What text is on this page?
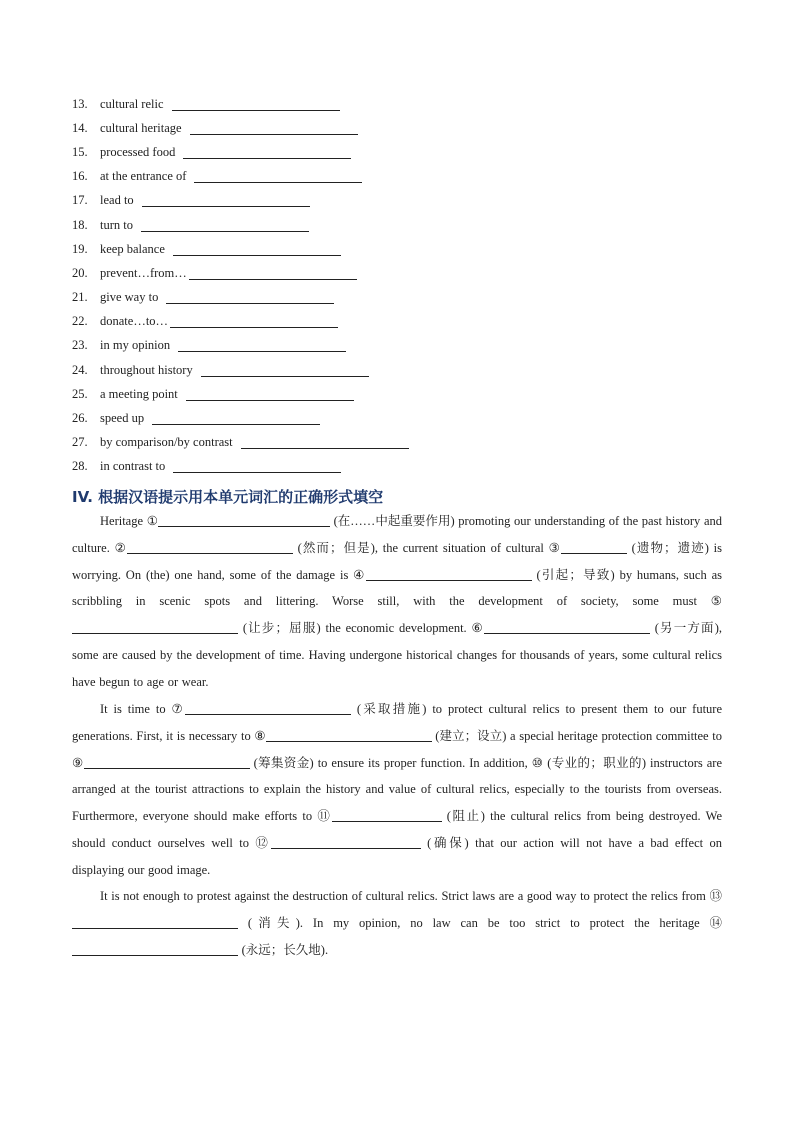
13. cultural relic
14. cultural heritage
15. processed food
16. at the entrance of
17. lead to
18. turn to
19. keep balance
20. prevent…from…
21. give way to
22. donate…to…
23. in my opinion
24. throughout history
25. a meeting point
26. speed up
27. by comparison/by contrast
28. in contrast to
IV. 根据汉语提示用本单元词汇的正确形式填空
Heritage ①	(在……中起重要作用) promoting our understanding of the past history and culture. ②	(然而；但是), the current situation of cultural ③	(遗物；遗迹) is worrying. On (the) one hand, some of the damage is ④	(引起；导致) by humans, such as scribbling in scenic spots and littering. Worse still, with the development of society, some must ⑤ (让步；屈服) the economic development. ⑥	(另一方面), some are caused by the development of time. Having undergone historical changes for thousands of years, some cultural relics have begun to age or wear.
It is time to ⑦	(采取措施) to protect cultural relics to present them to our future generations. First, it is necessary to ⑧	(建立；设立) a special heritage protection committee to ⑨	(筹集资金) to ensure its proper function. In addition, ⑩ (专业的；职业的) instructors are arranged at the tourist attractions to explain the history and value of cultural relics, especially to the tourists from overseas. Furthermore, everyone should make efforts to ⑪	(阻止) the cultural relics from being destroyed. We should conduct ourselves well to ⑫	(确保) that our action will not have a bad effect on displaying our good image.
It is not enough to protest against the destruction of cultural relics. Strict laws are a good way to protect the relics from ⑬ (消失). In my opinion, no law can be too strict to protect the heritage ⑭ (永远；长久地).
